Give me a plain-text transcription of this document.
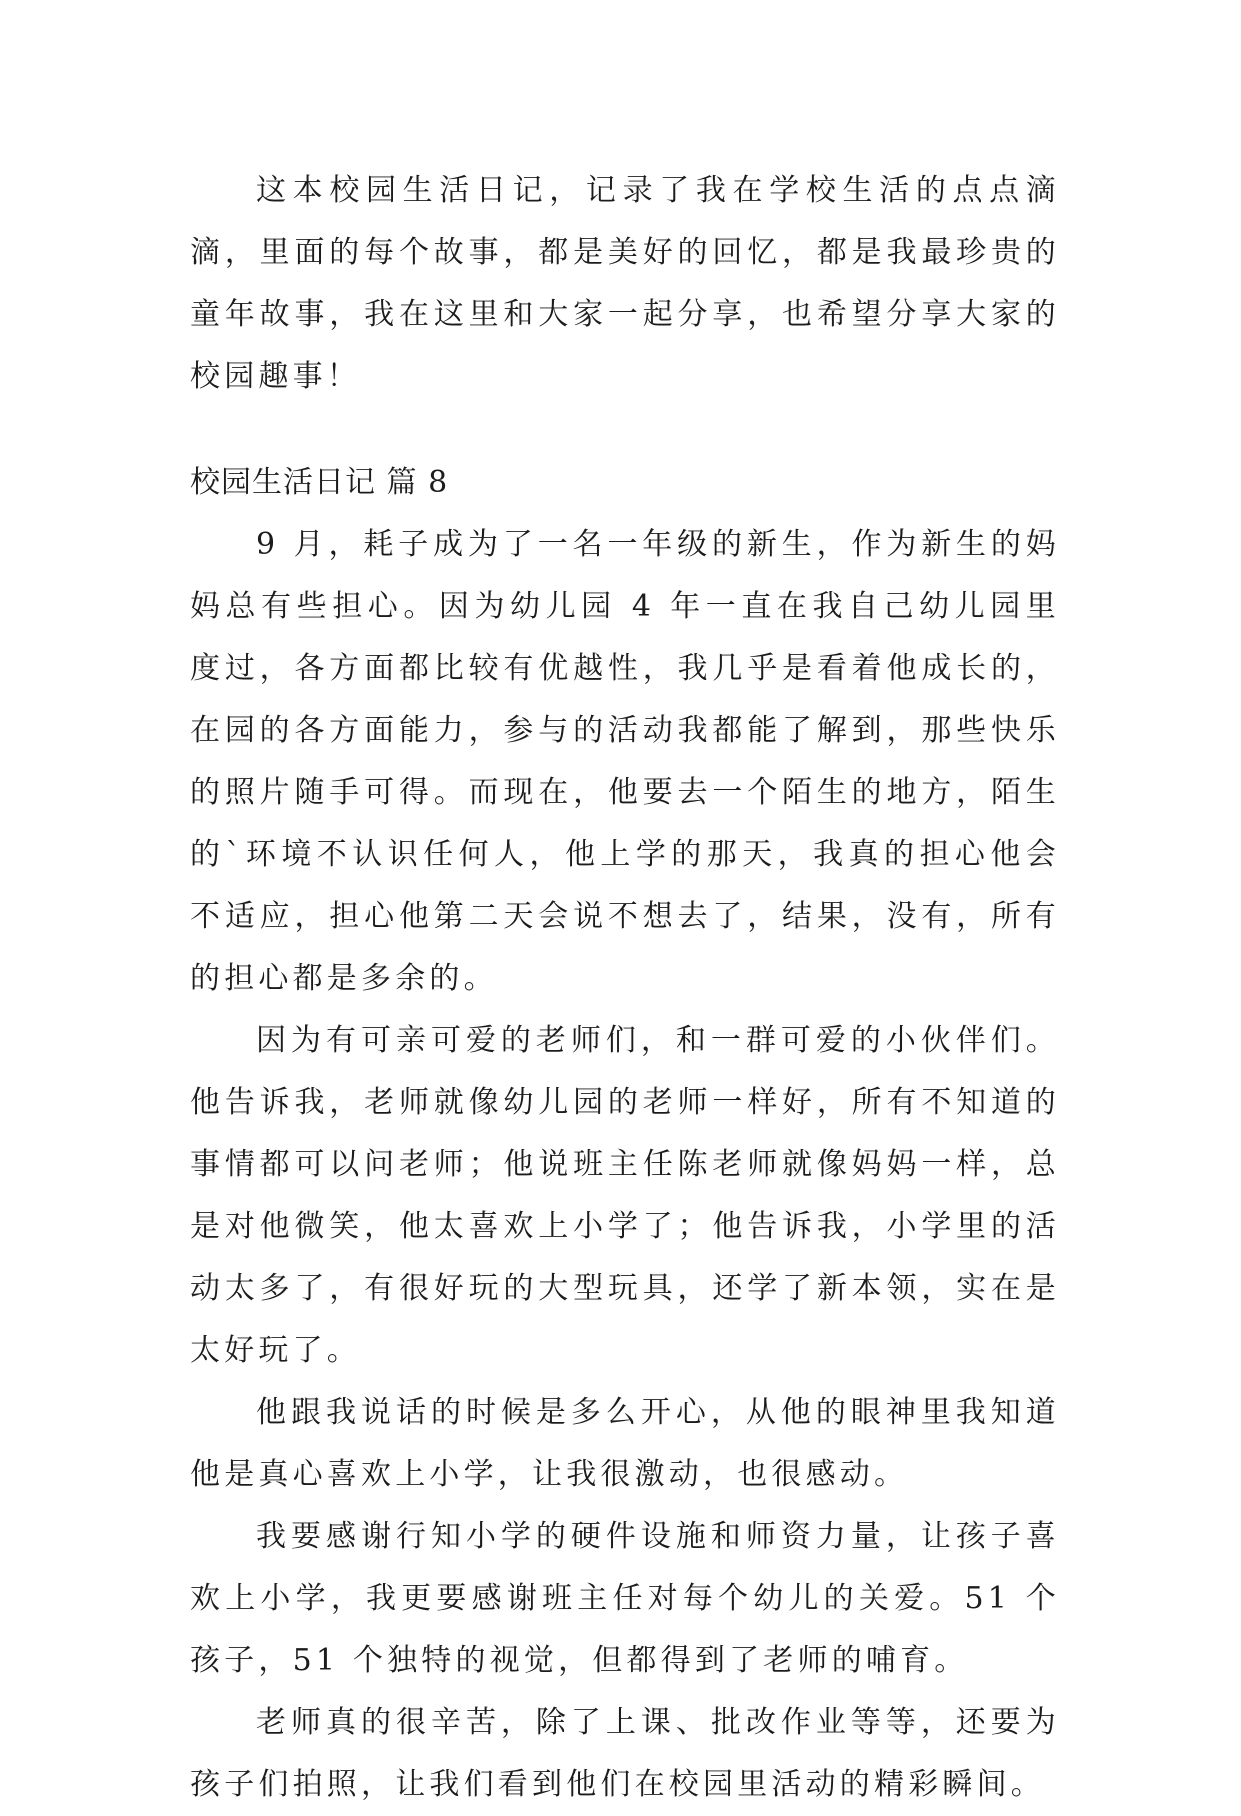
这本校园生活日记，记录了我在学校生活的点点滴滴，里面的每个故事，都是美好的回忆，都是我最珍贵的童年故事，我在这里和大家一起分享，也希望分享大家的校园趣事！

校园生活日记 篇 8

9 月，耗子成为了一名一年级的新生，作为新生的妈妈总有些担心。因为幼儿园 4 年一直在我自己幼儿园里度过，各方面都比较有优越性，我几乎是看着他成长的，在园的各方面能力，参与的活动我都能了解到，那些快乐的照片随手可得。而现在，他要去一个陌生的地方，陌生的`环境不认识任何人，他上学的那天，我真的担心他会不适应，担心他第二天会说不想去了，结果，没有，所有的担心都是多余的。

因为有可亲可爱的老师们，和一群可爱的小伙伴们。他告诉我，老师就像幼儿园的老师一样好，所有不知道的事情都可以问老师；他说班主任陈老师就像妈妈一样，总是对他微笑，他太喜欢上小学了；他告诉我，小学里的活动太多了，有很好玩的大型玩具，还学了新本领，实在是太好玩了。

他跟我说话的时候是多么开心，从他的眼神里我知道他是真心喜欢上小学，让我很激动，也很感动。

我要感谢行知小学的硬件设施和师资力量，让孩子喜欢上小学，我更要感谢班主任对每个幼儿的关爱。51 个孩子，51 个独特的视觉，但都得到了老师的哺育。

老师真的很辛苦，除了上课、批改作业等等，还要为孩子们拍照，让我们看到他们在校园里活动的精彩瞬间。
